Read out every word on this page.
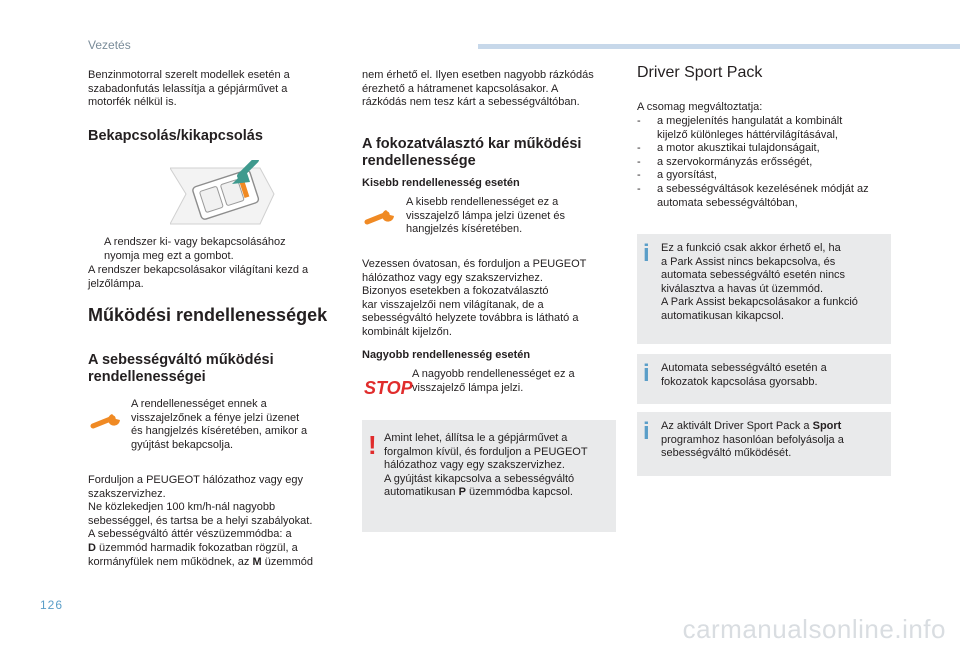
Vezetés
Benzinmotorral szerelt modellek esetén a
szabadonfutás lelassítja a gépjárművet a
motorfék nélkül is.
Bekapcsolás/kikapcsolás
A rendszer ki- vagy bekapcsolásához
nyomja meg ezt a gombot.
A rendszer bekapcsolásakor világítani kezd a
jelzőlámpa.
Működési rendellenességek
A sebességváltó működési
rendellenességei
A rendellenességet ennek a
visszajelzőnek a fénye jelzi üzenet
és hangjelzés kíséretében, amikor a
gyújtást bekapcsolja.
Forduljon a PEUGEOT hálózathoz vagy egy
szakszervizhez.
Ne közlekedjen 100 km/h-nál nagyobb
sebességgel, és tartsa be a helyi szabályokat.
A sebességváltó áttér vészüzemmódba: a
D üzemmód harmadik fokozatban rögzül, a
kormányfülek nem működnek, az M üzemmód
nem érhető el. Ilyen esetben nagyobb rázkódás
érezhető a hátramenet kapcsolásakor. A
rázkódás nem tesz kárt a sebességváltóban.
A fokozatválasztó kar működési
rendellenessége
Kisebb rendellenesség esetén
A kisebb rendellenességet ez a
visszajelző lámpa jelzi üzenet és
hangjelzés kíséretében.
Vezessen óvatosan, és forduljon a PEUGEOT
hálózathoz vagy egy szakszervizhez.
Bizonyos esetekben a fokozatválasztó
kar visszajelzői nem világítanak, de a
sebességváltó helyzete továbbra is látható a
kombinált kijelzőn.
Nagyobb rendellenesség esetén
STOP
A nagyobb rendellenességet ez a
visszajelző lámpa jelzi.
! Amint lehet, állítsa le a gépjárművet a
forgalmon kívül, és forduljon a PEUGEOT
hálózathoz vagy egy szakszervizhez.
A gyújtást kikapcsolva a sebességváltó
automatikusan P üzemmódba kapcsol.
Driver Sport Pack
A csomag megváltoztatja:
- a megjelenítés hangulatát a kombinált
kijelző különleges háttérvilágításával,
- a motor akusztikai tulajdonságait,
- a szervokormányzás erősségét,
- a gyorsítást,
- a sebességváltások kezelésének módját az
automata sebességváltóban,
i Ez a funkció csak akkor érhető el, ha
a Park Assist nincs bekapcsolva, és
automata sebességváltó esetén nincs
kiválasztva a havas út üzemmód.
A Park Assist bekapcsolásakor a funkció
automatikusan kikapcsol.
i Automata sebességváltó esetén a
fokozatok kapcsolása gyorsabb.
i Az aktivált Driver Sport Pack a Sport
programhoz hasonlóan befolyásolja a
sebességváltó működését.
126
carmanualsonline.info
